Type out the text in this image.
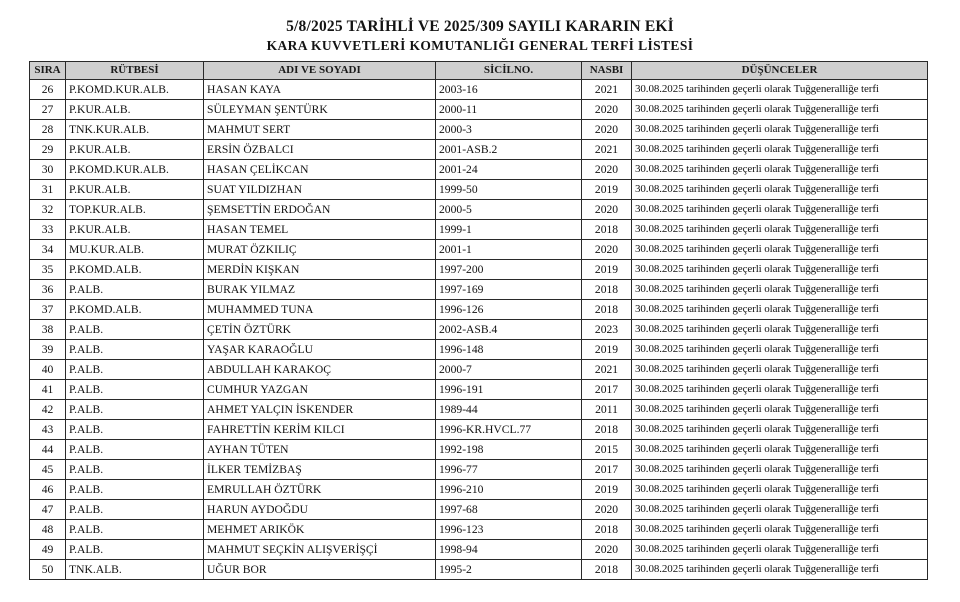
5/8/2025 TARİHLİ VE 2025/309 SAYILI KARARIN EKİ
KARA KUVVETLERİ KOMUTANLIĞI GENERAL TERFİ LİSTESİ
SIRA	RÜTBESİ	ADI VE SOYADI	SİCİLNO.	NASBI	DÜŞÜNCELER
26	P.KOMD.KUR.ALB.	HASAN KAYA	2003-16	2021	30.08.2025 tarihinden geçerli olarak Tuğgeneralliğe terfi
27	P.KUR.ALB.	SÜLEYMAN ŞENTÜRK	2000-11	2020	30.08.2025 tarihinden geçerli olarak Tuğgeneralliğe terfi
28	TNK.KUR.ALB.	MAHMUT SERT	2000-3	2020	30.08.2025 tarihinden geçerli olarak Tuğgeneralliğe terfi
29	P.KUR.ALB.	ERSİN ÖZBALCI	2001-ASB.2	2021	30.08.2025 tarihinden geçerli olarak Tuğgeneralliğe terfi
30	P.KOMD.KUR.ALB.	HASAN ÇELİKCAN	2001-24	2020	30.08.2025 tarihinden geçerli olarak Tuğgeneralliğe terfi
31	P.KUR.ALB.	SUAT YILDIZHAN	1999-50	2019	30.08.2025 tarihinden geçerli olarak Tuğgeneralliğe terfi
32	TOP.KUR.ALB.	ŞEMSETTİN ERDOĞAN	2000-5	2020	30.08.2025 tarihinden geçerli olarak Tuğgeneralliğe terfi
33	P.KUR.ALB.	HASAN TEMEL	1999-1	2018	30.08.2025 tarihinden geçerli olarak Tuğgeneralliğe terfi
34	MU.KUR.ALB.	MURAT ÖZKILIÇ	2001-1	2020	30.08.2025 tarihinden geçerli olarak Tuğgeneralliğe terfi
35	P.KOMD.ALB.	MERDİN KIŞKAN	1997-200	2019	30.08.2025 tarihinden geçerli olarak Tuğgeneralliğe terfi
36	P.ALB.	BURAK YILMAZ	1997-169	2018	30.08.2025 tarihinden geçerli olarak Tuğgeneralliğe terfi
37	P.KOMD.ALB.	MUHAMMED TUNA	1996-126	2018	30.08.2025 tarihinden geçerli olarak Tuğgeneralliğe terfi
38	P.ALB.	ÇETİN ÖZTÜRK	2002-ASB.4	2023	30.08.2025 tarihinden geçerli olarak Tuğgeneralliğe terfi
39	P.ALB.	YAŞAR KARAOĞLU	1996-148	2019	30.08.2025 tarihinden geçerli olarak Tuğgeneralliğe terfi
40	P.ALB.	ABDULLAH KARAKOÇ	2000-7	2021	30.08.2025 tarihinden geçerli olarak Tuğgeneralliğe terfi
41	P.ALB.	CUMHUR YAZGAN	1996-191	2017	30.08.2025 tarihinden geçerli olarak Tuğgeneralliğe terfi
42	P.ALB.	AHMET YALÇIN İSKENDER	1989-44	2011	30.08.2025 tarihinden geçerli olarak Tuğgeneralliğe terfi
43	P.ALB.	FAHRETTİN KERİM KILCI	1996-KR.HVCL.77	2018	30.08.2025 tarihinden geçerli olarak Tuğgeneralliğe terfi
44	P.ALB.	AYHAN TÜTEN	1992-198	2015	30.08.2025 tarihinden geçerli olarak Tuğgeneralliğe terfi
45	P.ALB.	İLKER TEMİZBAŞ	1996-77	2017	30.08.2025 tarihinden geçerli olarak Tuğgeneralliğe terfi
46	P.ALB.	EMRULLAH ÖZTÜRK	1996-210	2019	30.08.2025 tarihinden geçerli olarak Tuğgeneralliğe terfi
47	P.ALB.	HARUN AYDOĞDU	1997-68	2020	30.08.2025 tarihinden geçerli olarak Tuğgeneralliğe terfi
48	P.ALB.	MEHMET ARIKÖK	1996-123	2018	30.08.2025 tarihinden geçerli olarak Tuğgeneralliğe terfi
49	P.ALB.	MAHMUT SEÇKİN ALIŞVERİŞÇİ	1998-94	2020	30.08.2025 tarihinden geçerli olarak Tuğgeneralliğe terfi
50	TNK.ALB.	UĞUR BOR	1995-2	2018	30.08.2025 tarihinden geçerli olarak Tuğgeneralliğe terfi
